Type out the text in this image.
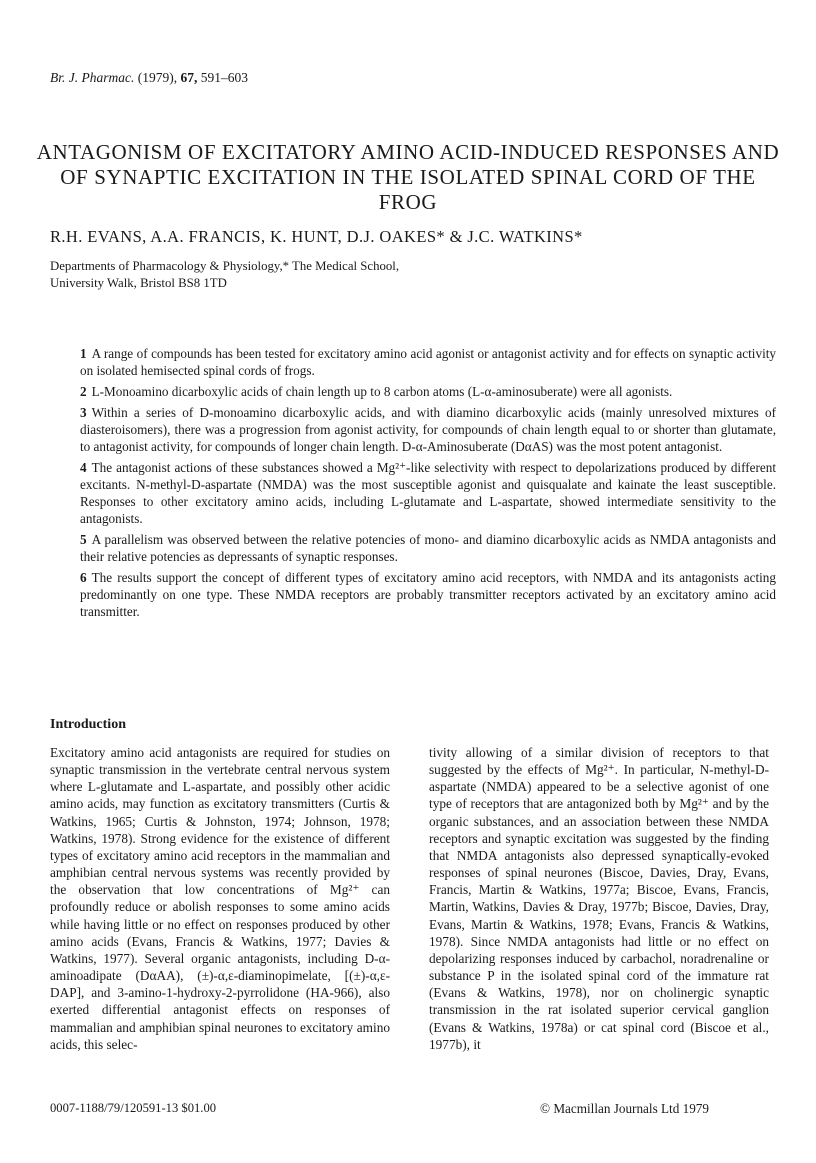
Br. J. Pharmac. (1979), 67, 591–603
ANTAGONISM OF EXCITATORY AMINO ACID-INDUCED RESPONSES AND OF SYNAPTIC EXCITATION IN THE ISOLATED SPINAL CORD OF THE FROG
R.H. EVANS, A.A. FRANCIS, K. HUNT, D.J. OAKES* & J.C. WATKINS*
Departments of Pharmacology & Physiology,* The Medical School,
University Walk, Bristol BS8 1TD

1 A range of compounds has been tested for excitatory amino acid agonist or antagonist activity and for effects on synaptic activity on isolated hemisected spinal cords of frogs.

2 L-Monoamino dicarboxylic acids of chain length up to 8 carbon atoms (L-α-aminosuberate) were all agonists.

3 Within a series of D-monoamino dicarboxylic acids, and with diamino dicarboxylic acids (mainly unresolved mixtures of diasteroisomers), there was a progression from agonist activity, for compounds of chain length equal to or shorter than glutamate, to antagonist activity, for compounds of longer chain length. D-α-Aminosuberate (DαAS) was the most potent antagonist.

4 The antagonist actions of these substances showed a Mg²⁺-like selectivity with respect to depolarizations produced by different excitants. N-methyl-D-aspartate (NMDA) was the most susceptible agonist and quisqualate and kainate the least susceptible. Responses to other excitatory amino acids, including L-glutamate and L-aspartate, showed intermediate sensitivity to the antagonists.

5 A parallelism was observed between the relative potencies of mono- and diamino dicarboxylic acids as NMDA antagonists and their relative potencies as depressants of synaptic responses.

6 The results support the concept of different types of excitatory amino acid receptors, with NMDA and its antagonists acting predominantly on one type. These NMDA receptors are probably transmitter receptors activated by an excitatory amino acid transmitter.

Introduction

Excitatory amino acid antagonists are required for studies on synaptic transmission in the vertebrate central nervous system where L-glutamate and L-aspartate, and possibly other acidic amino acids, may function as excitatory transmitters (Curtis & Watkins, 1965; Curtis & Johnston, 1974; Johnson, 1978; Watkins, 1978). Strong evidence for the existence of different types of excitatory amino acid receptors in the mammalian and amphibian central nervous systems was recently provided by the observation that low concentrations of Mg²⁺ can profoundly reduce or abolish responses to some amino acids while having little or no effect on responses produced by other amino acids (Evans, Francis & Watkins, 1977; Davies & Watkins, 1977). Several organic antagonists, including D-α-aminoadipate (DαAA), (±)-α,ε-diaminopimelate, [(±)-α,ε-DAP], and 3-amino-1-hydroxy-2-pyrrolidone (HA-966), also exerted differential antagonist effects on responses of mammalian and amphibian spinal neurones to excitatory amino acids, this selec-

tivity allowing of a similar division of receptors to that suggested by the effects of Mg²⁺. In particular, N-methyl-D-aspartate (NMDA) appeared to be a selective agonist of one type of receptors that are antagonized both by Mg²⁺ and by the organic substances, and an association between these NMDA receptors and synaptic excitation was suggested by the finding that NMDA antagonists also depressed synaptically-evoked responses of spinal neurones (Biscoe, Davies, Dray, Evans, Francis, Martin & Watkins, 1977a; Biscoe, Evans, Francis, Martin, Watkins, Davies & Dray, 1977b; Biscoe, Davies, Dray, Evans, Martin & Watkins, 1978; Evans, Francis & Watkins, 1978). Since NMDA antagonists had little or no effect on depolarizing responses induced by carbachol, noradrenaline or substance P in the isolated spinal cord of the immature rat (Evans & Watkins, 1978), nor on cholinergic synaptic transmission in the rat isolated superior cervical ganglion (Evans & Watkins, 1978a) or cat spinal cord (Biscoe et al., 1977b), it

0007-1188/79/120591-13 $01.00	© Macmillan Journals Ltd 1979
